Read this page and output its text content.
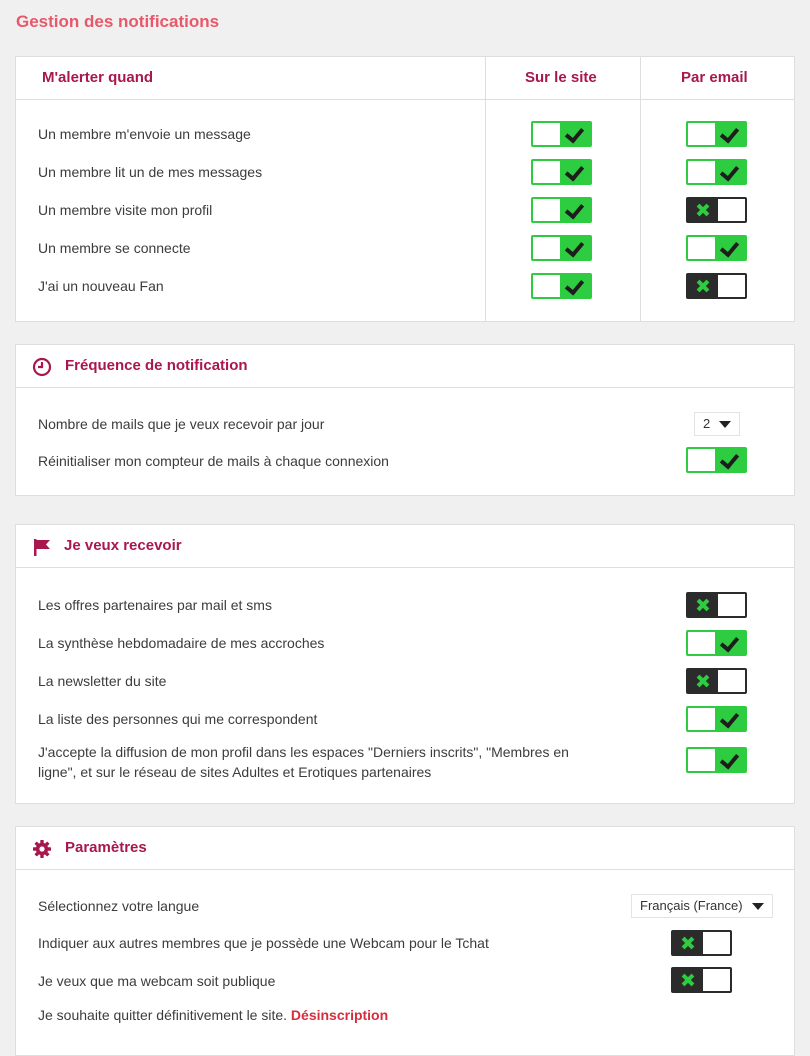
Gestion des notifications
M'alerter quand	Sur le site	Par email
Un membre m'envoie un message
Un membre lit un de mes messages
Un membre visite mon profil
Un membre se connecte
J'ai un nouveau Fan
Fréquence de notification
Nombre de mails que je veux recevoir par jour	2
Réinitialiser mon compteur de mails à chaque connexion
Je veux recevoir
Les offres partenaires par mail et sms
La synthèse hebdomadaire de mes accroches
La newsletter du site
La liste des personnes qui me correspondent
J'accepte la diffusion de mon profil dans les espaces "Derniers inscrits", "Membres en
ligne", et sur le réseau de sites Adultes et Erotiques partenaires
Paramètres
Sélectionnez votre langue	Français (France)
Indiquer aux autres membres que je possède une Webcam pour le Tchat
Je veux que ma webcam soit publique
Je souhaite quitter définitivement le site. Désinscription
